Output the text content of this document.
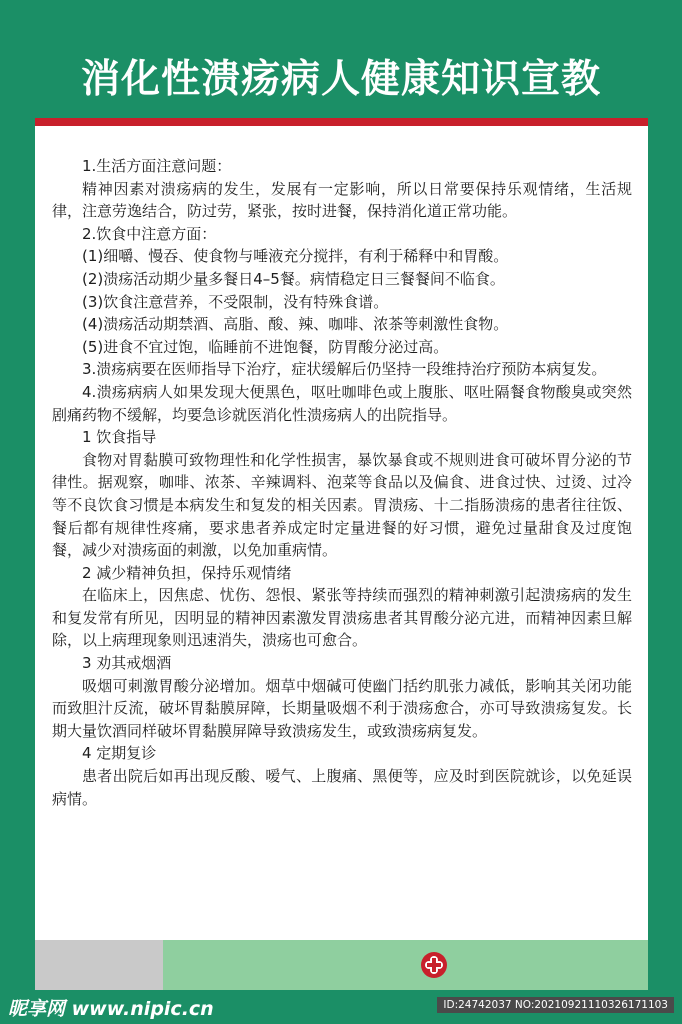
消化性溃疡病人健康知识宣教

1.生活方面注意问题：

精神因素对溃疡病的发生，发展有一定影响，所以日常要保持乐观情绪，生活规律，注意劳逸结合，防过劳，紧张，按时进餐，保持消化道正常功能。

2.饮食中注意方面：

(1)细嚼、慢吞、使食物与唾液充分搅拌，有利于稀释中和胃酸。

(2)溃疡活动期少量多餐日4–5餐。病情稳定日三餐餐间不临食。

(3)饮食注意营养，不受限制，没有特殊食谱。

(4)溃疡活动期禁酒、高脂、酸、辣、咖啡、浓茶等刺激性食物。

(5)进食不宜过饱，临睡前不进饱餐，防胃酸分泌过高。

3.溃疡病要在医师指导下治疗，症状缓解后仍坚持一段维持治疗预防本病复发。

4.溃疡病病人如果发现大便黑色，呕吐咖啡色或上腹胀、呕吐隔餐食物酸臭或突然剧痛药物不缓解，均要急诊就医消化性溃疡病人的出院指导。

1 饮食指导

食物对胃黏膜可致物理性和化学性损害，暴饮暴食或不规则进食可破坏胃分泌的节律性。据观察，咖啡、浓茶、辛辣调料、泡菜等食品以及偏食、进食过快、过烫、过冷等不良饮食习惯是本病发生和复发的相关因素。胃溃疡、十二指肠溃疡的患者往往饭、餐后都有规律性疼痛，要求患者养成定时定量进餐的好习惯，避免过量甜食及过度饱餐，减少对溃疡面的刺激，以免加重病情。

2 减少精神负担，保持乐观情绪

在临床上，因焦虑、忧伤、怨恨、紧张等持续而强烈的精神刺激引起溃疡病的发生和复发常有所见，因明显的精神因素激发胃溃疡患者其胃酸分泌亢进，而精神因素旦解除，以上病理现象则迅速消失，溃疡也可愈合。

3 劝其戒烟酒

吸烟可刺激胃酸分泌增加。烟草中烟碱可使幽门括约肌张力减低，影响其关闭功能而致胆汁反流，破坏胃黏膜屏障，长期量吸烟不利于溃疡愈合，亦可导致溃疡复发。长期大量饮酒同样破坏胃黏膜屏障导致溃疡发生，或致溃疡病复发。

4 定期复诊

患者出院后如再出现反酸、嗳气、上腹痛、黑便等，应及时到医院就诊，以免延误病情。

昵享网 www.nipic.cn	ID:24742037 NO:20210921110326171103
